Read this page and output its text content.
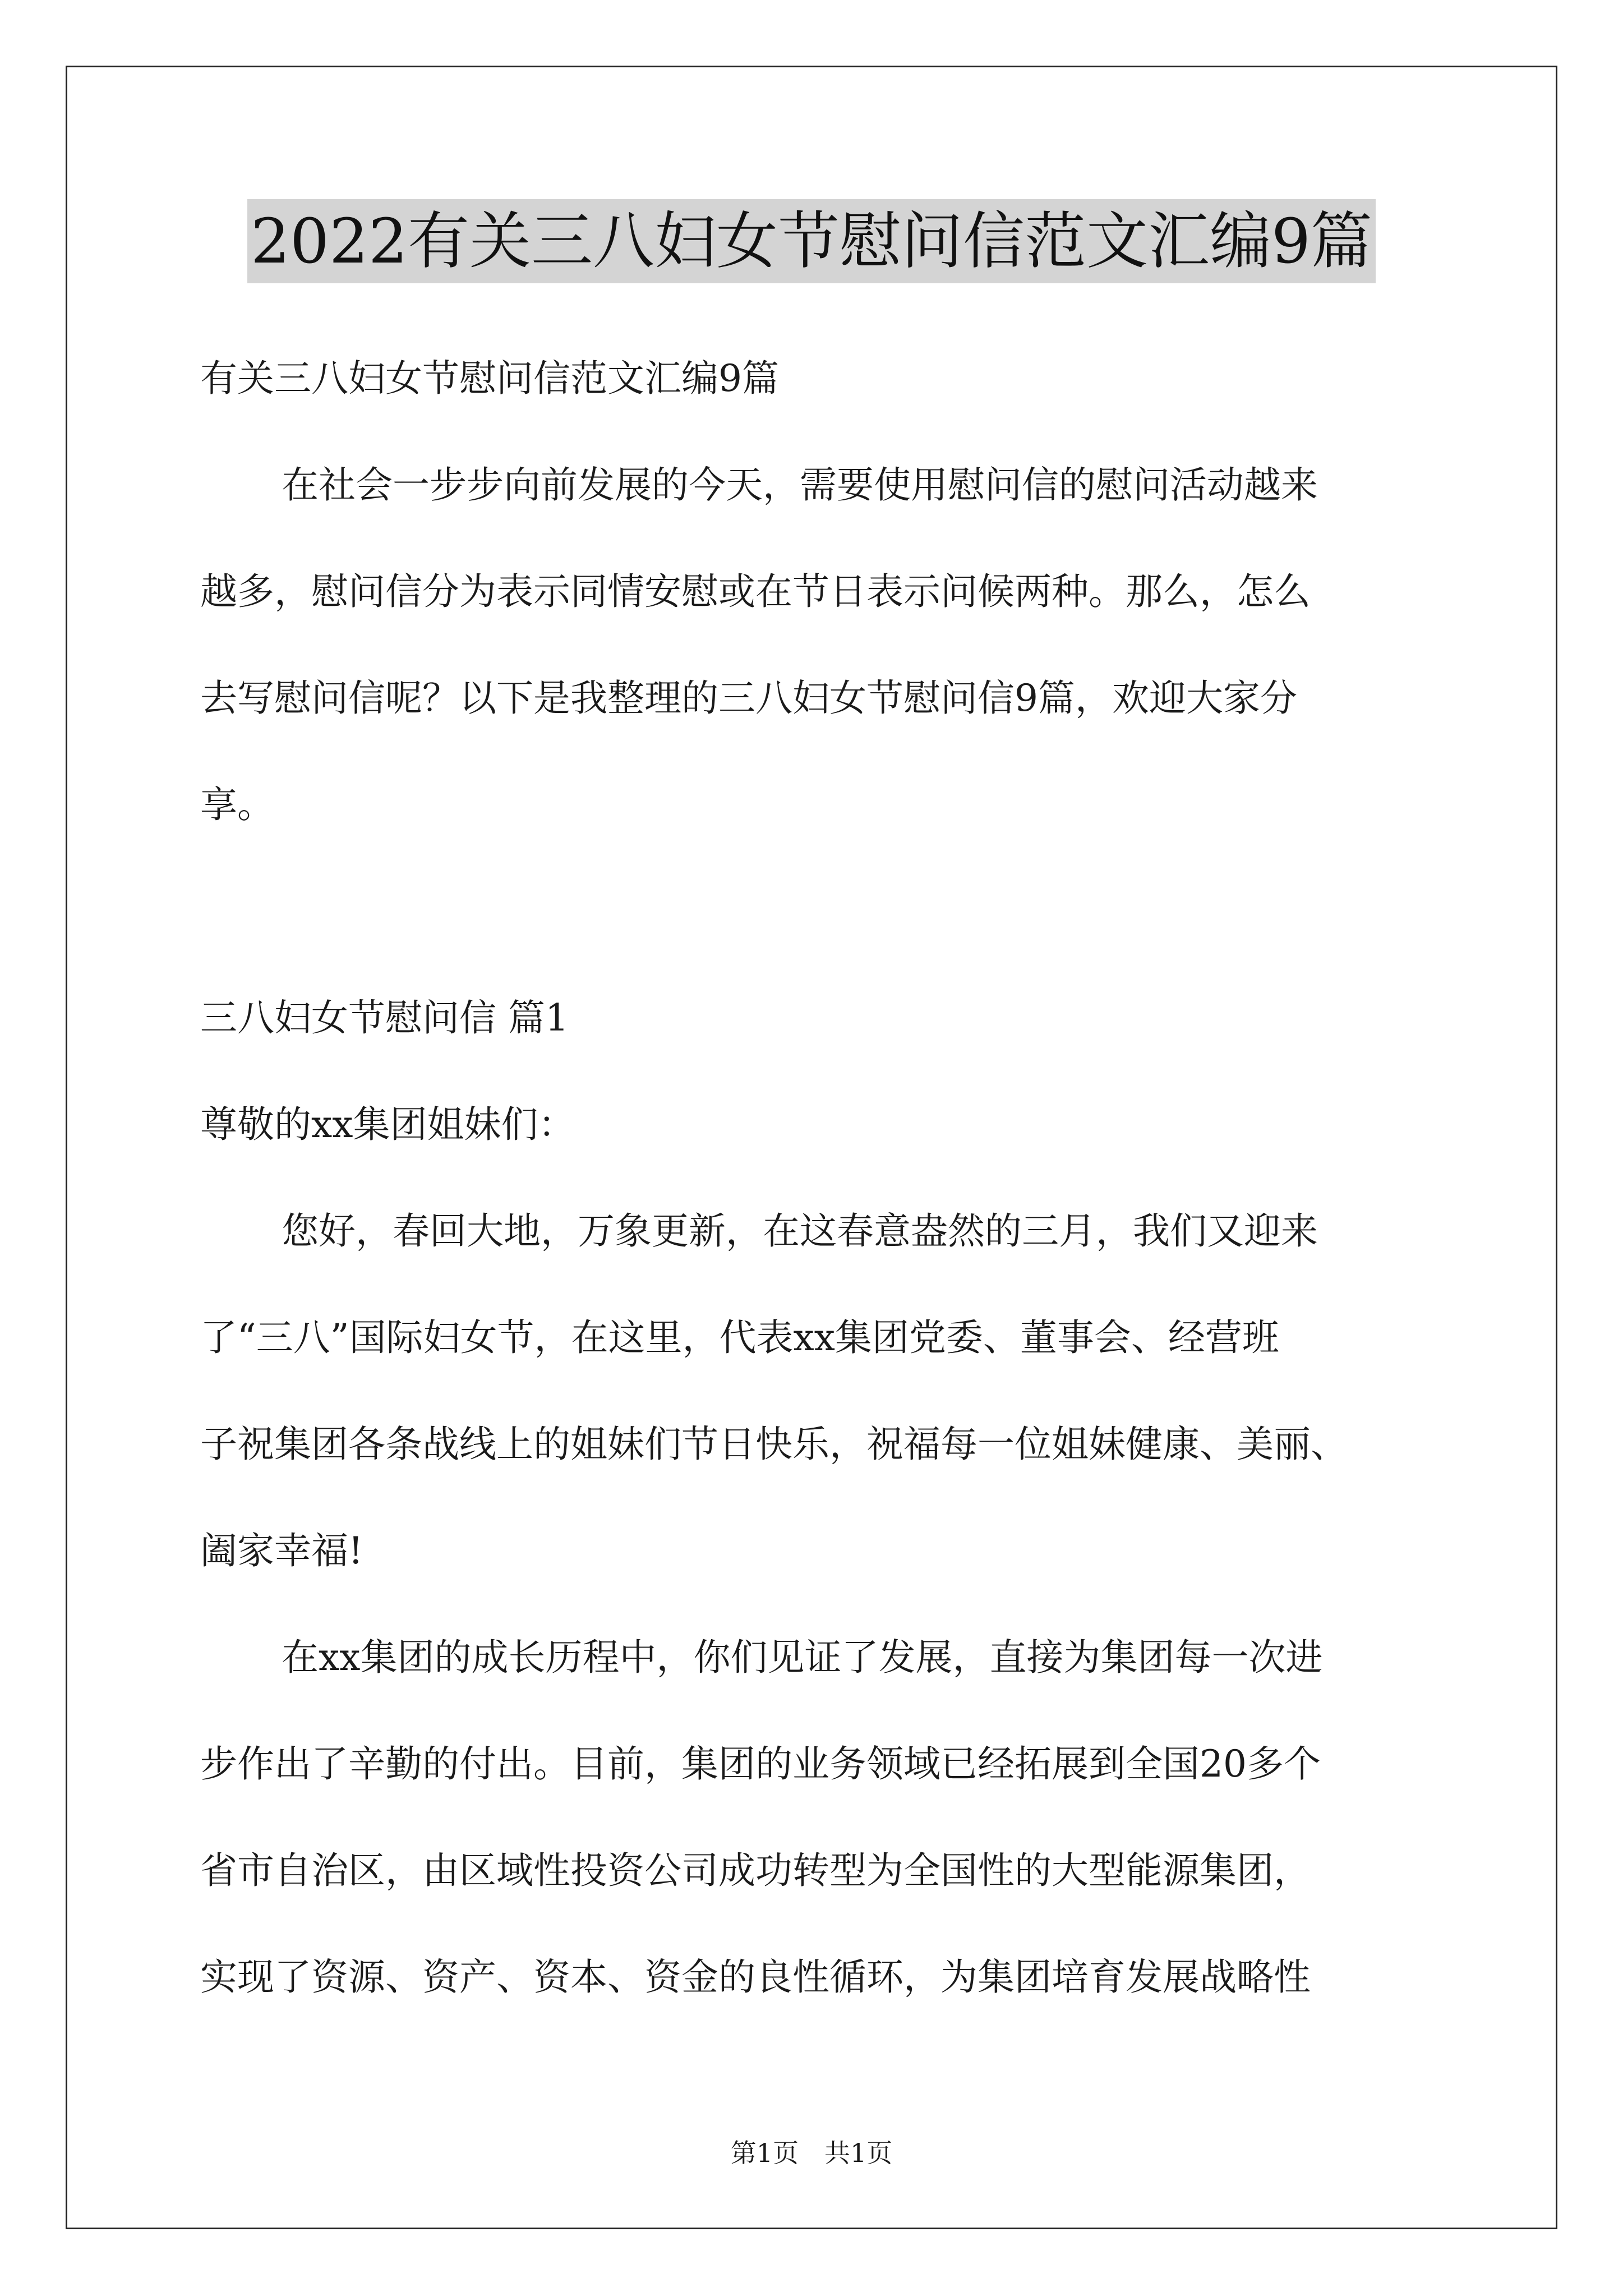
2022有关三八妇女节慰问信范文汇编9篇
有关三八妇女节慰问信范文汇编9篇
在社会一步步向前发展的今天，需要使用慰问信的慰问活动越来
越多，慰问信分为表示同情安慰或在节日表示问候两种。那么，怎么
去写慰问信呢？以下是我整理的三八妇女节慰问信9篇，欢迎大家分
享。
三八妇女节慰问信 篇1
尊敬的xx集团姐妹们：
您好，春回大地，万象更新，在这春意盎然的三月，我们又迎来
了“三八”国际妇女节，在这里，代表xx集团党委、董事会、经营班
子祝集团各条战线上的姐妹们节日快乐，祝福每一位姐妹健康、美丽、
阖家幸福!
在xx集团的成长历程中，你们见证了发展，直接为集团每一次进
步作出了辛勤的付出。目前，集团的业务领域已经拓展到全国20多个
省市自治区，由区域性投资公司成功转型为全国性的大型能源集团，
实现了资源、资产、资本、资金的良性循环，为集团培育发展战略性
第1页　共1页
